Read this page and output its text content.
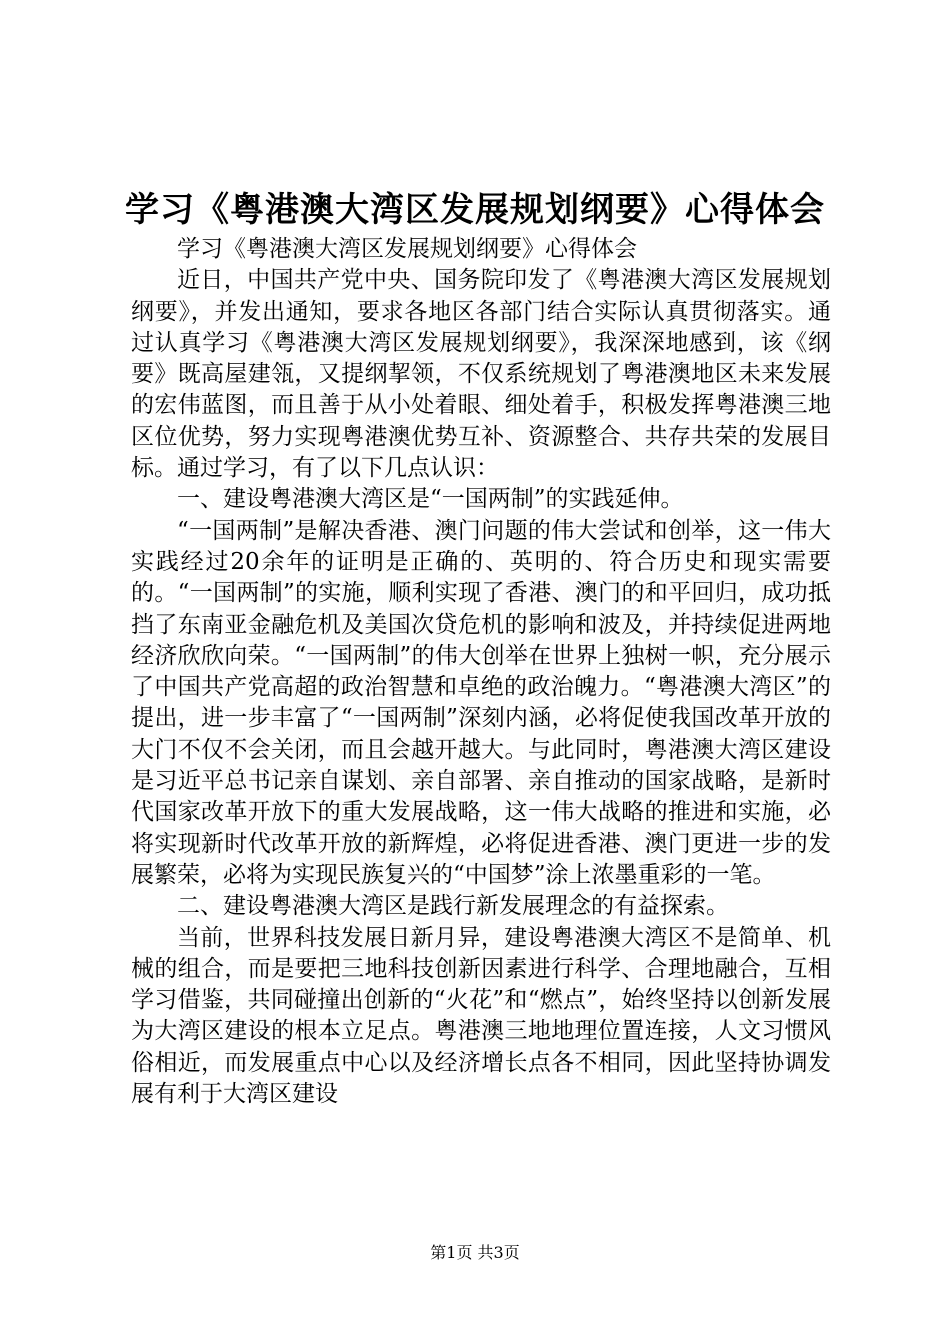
学习《粤港澳大湾区发展规划纲要》心得体会

学习《粤港澳大湾区发展规划纲要》心得体会

近日，中国共产党中央、国务院印发了《粤港澳大湾区发展规划纲要》，并发出通知，要求各地区各部门结合实际认真贯彻落实。通过认真学习《粤港澳大湾区发展规划纲要》，我深深地感到，该《纲要》既高屋建瓴，又提纲挈领，不仅系统规划了粤港澳地区未来发展的宏伟蓝图，而且善于从小处着眼、细处着手，积极发挥粤港澳三地区位优势，努力实现粤港澳优势互补、资源整合、共存共荣的发展目标。通过学习，有了以下几点认识：

一、建设粤港澳大湾区是“一国两制”的实践延伸。

“一国两制”是解决香港、澳门问题的伟大尝试和创举，这一伟大实践经过20余年的证明是正确的、英明的、符合历史和现实需要的。“一国两制”的实施，顺利实现了香港、澳门的和平回归，成功抵挡了东南亚金融危机及美国次贷危机的影响和波及，并持续促进两地经济欣欣向荣。“一国两制”的伟大创举在世界上独树一帜，充分展示了中国共产党高超的政治智慧和卓绝的政治魄力。“粤港澳大湾区”的提出，进一步丰富了“一国两制”深刻内涵，必将促使我国改革开放的大门不仅不会关闭，而且会越开越大。与此同时，粤港澳大湾区建设是习近平总书记亲自谋划、亲自部署、亲自推动的国家战略，是新时代国家改革开放下的重大发展战略，这一伟大战略的推进和实施，必将实现新时代改革开放的新辉煌，必将促进香港、澳门更进一步的发展繁荣，必将为实现民族复兴的“中国梦”涂上浓墨重彩的一笔。

二、建设粤港澳大湾区是践行新发展理念的有益探索。

当前，世界科技发展日新月异，建设粤港澳大湾区不是简单、机械的组合，而是要把三地科技创新因素进行科学、合理地融合，互相学习借鉴，共同碰撞出创新的“火花”和“燃点”，始终坚持以创新发展为大湾区建设的根本立足点。粤港澳三地地理位置连接，人文习惯风俗相近，而发展重点中心以及经济增长点各不相同，因此坚持协调发展有利于大湾区建设

第1页 共3页
